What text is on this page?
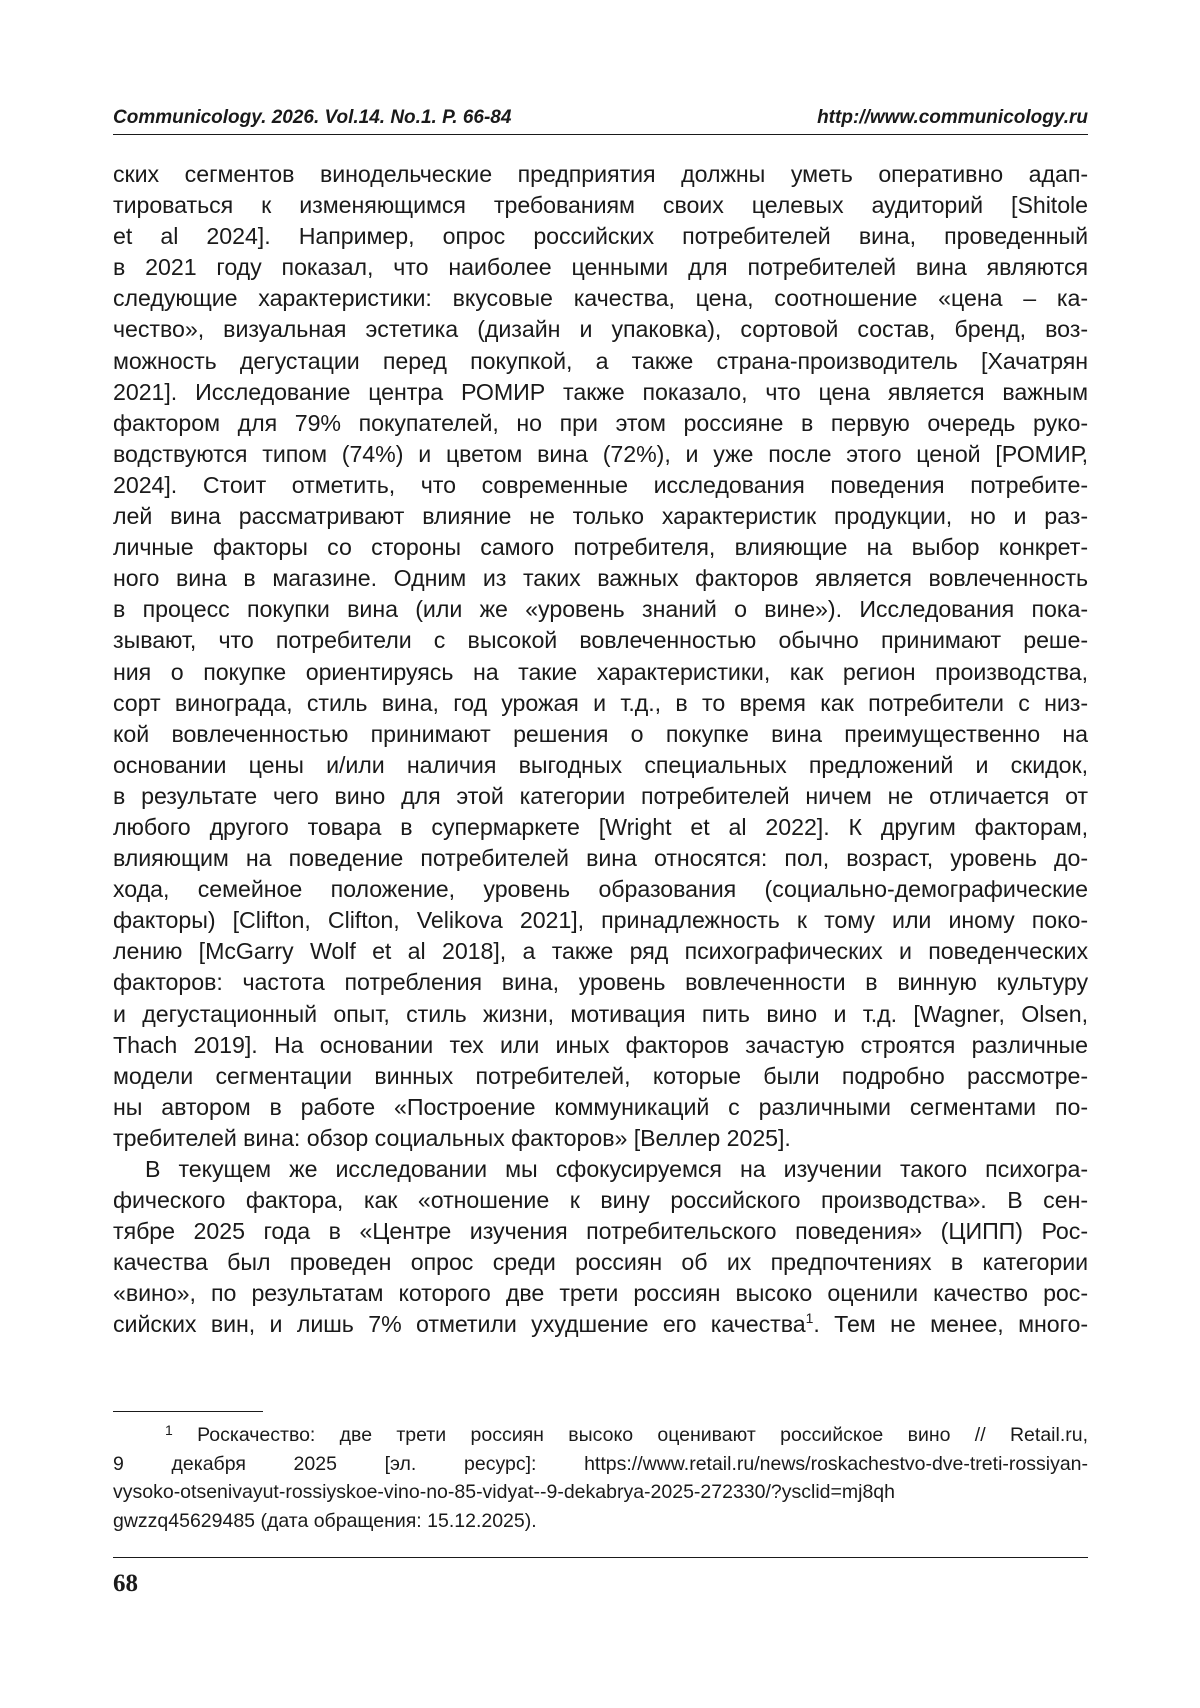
Communicology. 2026. Vol.14. No.1. P. 66-84	http://www.communicology.ru
ских сегментов винодельческие предприятия должны уметь оперативно адап-
тироваться к изменяющимся требованиям своих целевых аудиторий [Shitole
et al 2024]. Например, опрос российских потребителей вина, проведенный
в 2021 году показал, что наиболее ценными для потребителей вина являются
следующие характеристики: вкусовые качества, цена, соотношение «цена – ка-
чество», визуальная эстетика (дизайн и упаковка), сортовой состав, бренд, воз-
можность дегустации перед покупкой, а также страна-производитель [Хачатрян
2021]. Исследование центра РОМИР также показало, что цена является важным
фактором для 79% покупателей, но при этом россияне в первую очередь руко-
водствуются типом (74%) и цветом вина (72%), и уже после этого ценой [РОМИР,
2024]. Стоит отметить, что современные исследования поведения потребите-
лей вина рассматривают влияние не только характеристик продукции, но и раз-
личные факторы со стороны самого потребителя, влияющие на выбор конкрет-
ного вина в магазине. Одним из таких важных факторов является вовлеченность
в процесс покупки вина (или же «уровень знаний о вине»). Исследования пока-
зывают, что потребители с высокой вовлеченностью обычно принимают реше-
ния о покупке ориентируясь на такие характеристики, как регион производства,
сорт винограда, стиль вина, год урожая и т.д., в то время как потребители с низ-
кой вовлеченностью принимают решения о покупке вина преимущественно на
основании цены и/или наличия выгодных специальных предложений и скидок,
в результате чего вино для этой категории потребителей ничем не отличается от
любого другого товара в супермаркете [Wright et al 2022]. К другим факторам,
влияющим на поведение потребителей вина относятся: пол, возраст, уровень до-
хода, семейное положение, уровень образования (социально-демографические
факторы) [Clifton, Clifton, Velikova 2021], принадлежность к тому или иному поко-
лению [McGarry Wolf et al 2018], а также ряд психографических и поведенческих
факторов: частота потребления вина, уровень вовлеченности в винную культуру
и дегустационный опыт, стиль жизни, мотивация пить вино и т.д. [Wagner, Olsen,
Thach 2019]. На основании тех или иных факторов зачастую строятся различные
модели сегментации винных потребителей, которые были подробно рассмотре-
ны автором в работе «Построение коммуникаций с различными сегментами по-
требителей вина: обзор социальных факторов» [Веллер 2025].
В текущем же исследовании мы сфокусируемся на изучении такого психогра-
фического фактора, как «отношение к вину российского производства». В сен-
тябре 2025 года в «Центре изучения потребительского поведения» (ЦИПП) Рос-
качества был проведен опрос среди россиян об их предпочтениях в категории
«вино», по результатам которого две трети россиян высоко оценили качество рос-
сийских вин, и лишь 7% отметили ухудшение его качества$^1$. Тем не менее, много-
$^1$ Роскачество: две трети россиян высоко оценивают российское вино // Retail.ru,
9 декабря 2025 [эл. ресурс]: https://www.retail.ru/news/roskachestvo-dve-treti-rossiyan-
vysoko-otsenivayut-rossiyskoe-vino-no-85-vidyat--9-dekabrya-2025-272330/?ysclid=mj8qh
gwzzq45629485 (дата обращения: 15.12.2025).
68
